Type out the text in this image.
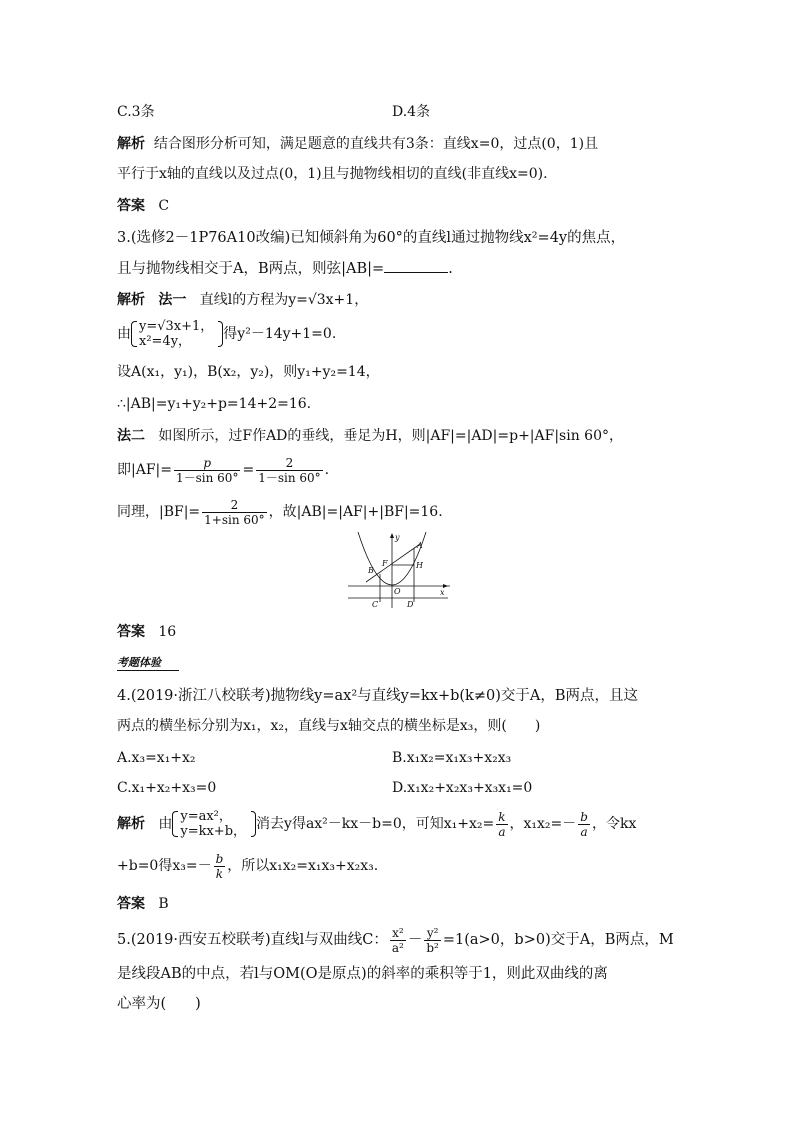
C.3条	D.4条
解析 结合图形分析可知，满足题意的直线共有3条：直线x=0，过点(0，1)且
平行于x轴的直线以及过点(0，1)且与抛物线相切的直线(非直线x=0).
答案 C
3.(选修2－1P76A10改编)已知倾斜角为60°的直线l通过抛物线x²=4y的焦点，
且与抛物线相交于A，B两点，则弦|AB|=	.
解析 法一 直线l的方程为y=√3x+1，
由 y=√3x+1，
x²=4y，	得y²－14y+1=0.
设A(x₁，y₁)，B(x₂，y₂)，则y₁+y₂=14，
∴|AB|=y₁+y₂+p=14+2=16.
法二 如图所示，过F作AD的垂线，垂足为H，则|AF|=|AD|=p+|AF|sin 60°，
即$|AF|= \frac{p}{1-\sin 60^\circ} = \frac{2}{1-\sin 60^\circ}$ .
同理，$|BF|= \frac{2}{1+\sin 60^\circ}$ ，故|AB|=|AF|+|BF|=16.
y
x
A
B
F	H
O
C	D
答案 16
考题体验
4.(2019·浙江八校联考)抛物线y=ax²与直线y=kx+b(k≠0)交于A，B两点，且这
两点的横坐标分别为x₁，x₂，直线与x轴交点的横坐标是x₃，则(　　)
A.x₃=x₁+x₂	B.x₁x₂=x₁x₃+x₂x₃
C.x₁+x₂+x₃=0	D.x₁x₂+x₂x₃+x₃x₁=0
解析 由 y=ax²，
y=kx+b， 消去y得ax²－kx－b=0，可知$x_1+x_2= \frac{k}{a}$ ，$x_1x_2=- \frac{b}{a}$ ，令kx
+b=0得$x_3=- \frac{b}{k}$ ，所以x₁x₂=x₁x₃+x₂x₃.
答案 B
5.(2019·西安五校联考)直线l与双曲线C： $\frac{\text{x²}}{\text{a²}} - \frac{\text{y²}}{\text{b²}} =1(a>0$，b>0)交于A，B两点，M
是线段AB的中点，若l与OM(O是原点)的斜率的乘积等于1，则此双曲线的离
心率为(　　)
